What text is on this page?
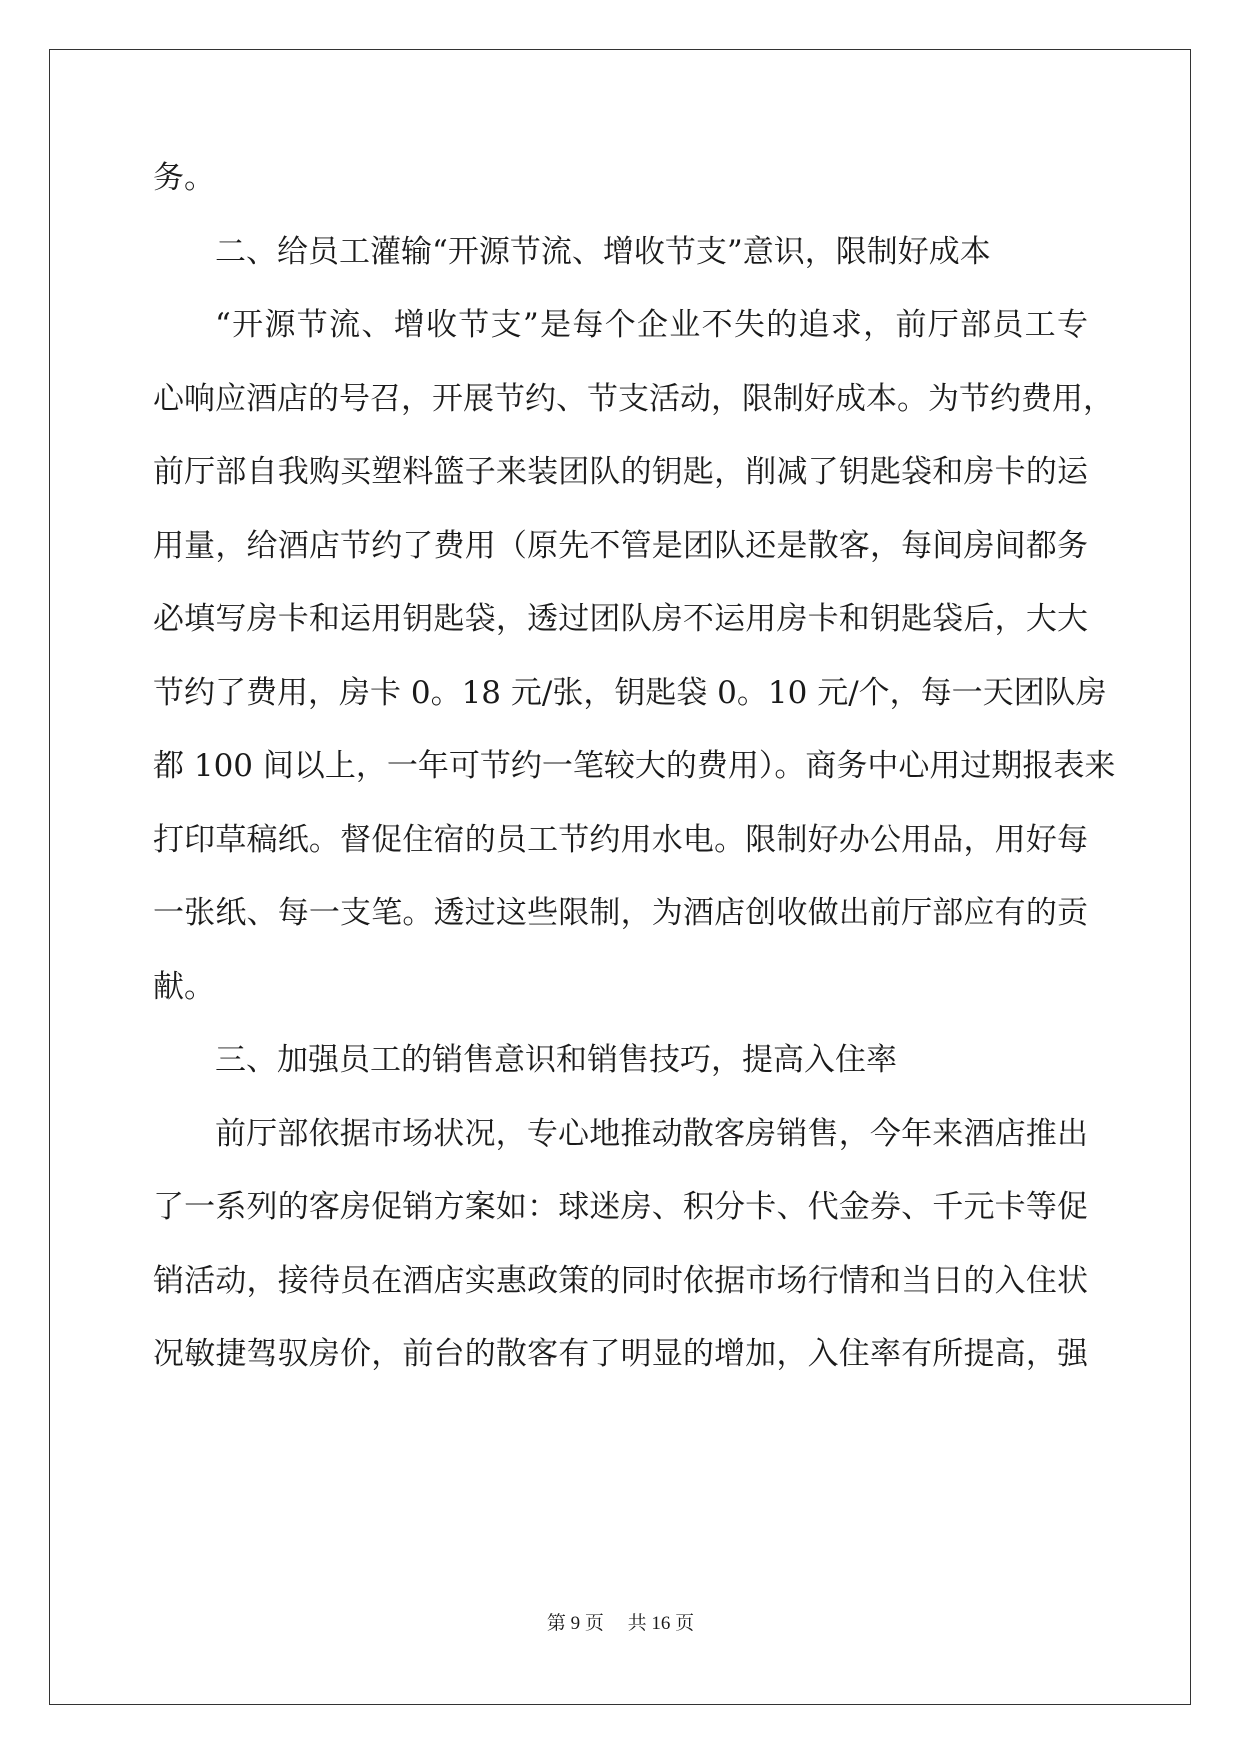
务。
二、给员工灌输“开源节流、增收节支”意识，限制好成本
“开源节流、增收节支”是每个企业不失的追求，前厅部员工专
心响应酒店的号召，开展节约、节支活动，限制好成本。为节约费用，
前厅部自我购买塑料篮子来装团队的钥匙，削减了钥匙袋和房卡的运
用量，给酒店节约了费用（原先不管是团队还是散客，每间房间都务
必填写房卡和运用钥匙袋，透过团队房不运用房卡和钥匙袋后，大大
节约了费用，房卡 0。18 元/张，钥匙袋 0。10 元/个，每一天团队房
都 100 间以上，一年可节约一笔较大的费用）。商务中心用过期报表来
打印草稿纸。督促住宿的员工节约用水电。限制好办公用品，用好每
一张纸、每一支笔。透过这些限制，为酒店创收做出前厅部应有的贡
献。
三、加强员工的销售意识和销售技巧，提高入住率
前厅部依据市场状况，专心地推动散客房销售，今年来酒店推出
了一系列的客房促销方案如：球迷房、积分卡、代金券、千元卡等促
销活动，接待员在酒店实惠政策的同时依据市场行情和当日的入住状
况敏捷驾驭房价，前台的散客有了明显的增加，入住率有所提高，强
第 9 页　 共 16 页
